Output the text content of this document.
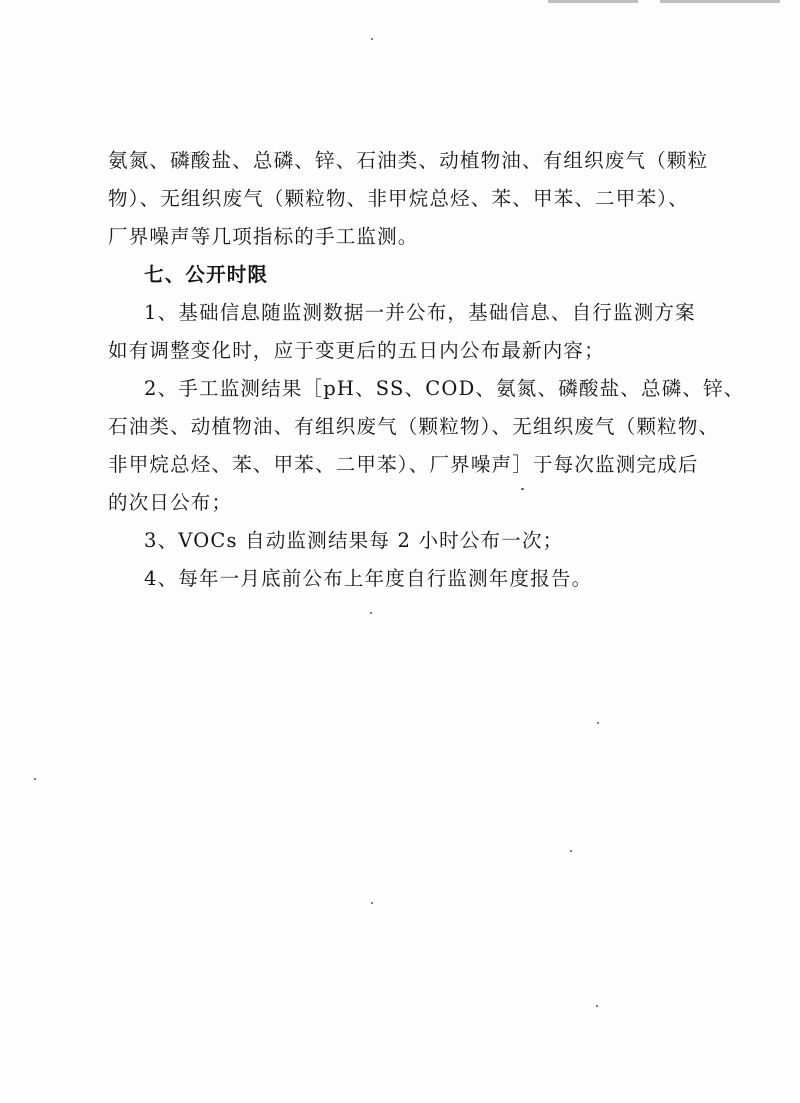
氨氮、磷酸盐、总磷、锌、石油类、动植物油、有组织废气（颗粒
物）、无组织废气（颗粒物、非甲烷总烃、苯、甲苯、二甲苯）、
厂界噪声等几项指标的手工监测。
七、公开时限
1、基础信息随监测数据一并公布，基础信息、自行监测方案
如有调整变化时，应于变更后的五日内公布最新内容；
2、手工监测结果［pH、SS、COD、氨氮、磷酸盐、总磷、锌、
石油类、动植物油、有组织废气（颗粒物）、无组织废气（颗粒物、
非甲烷总烃、苯、甲苯、二甲苯）、厂界噪声］于每次监测完成后
的次日公布；
3、VOCs 自动监测结果每 2 小时公布一次；
4、每年一月底前公布上年度自行监测年度报告。
